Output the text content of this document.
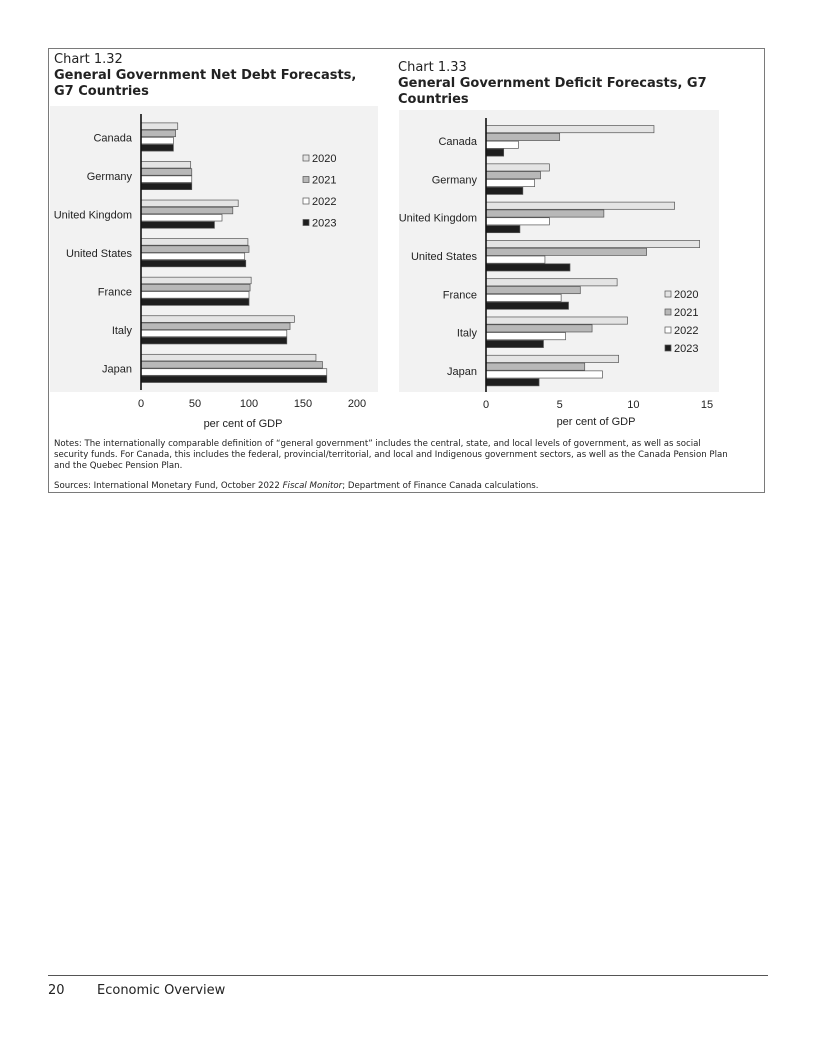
Chart 1.32
General Government Net Debt Forecasts, G7 Countries
Chart 1.33
General Government Deficit Forecasts, G7 Countries
Canada
Germany
United Kingdom
United States
France
Italy
Japan
0	50	100	150	200
per cent of GDP
2020
2021
2022
2023
Canada
Germany
United Kingdom
United States
France
Italy
Japan
0	5	10	15
per cent of GDP
2020
2021
2022
2023
Notes: The internationally comparable definition of “general government” includes the central, state, and local levels of government, as well as social security funds. For Canada, this includes the federal, provincial/territorial, and local and Indigenous government sectors, as well as the Canada Pension Plan and the Quebec Pension Plan.
Sources: International Monetary Fund, October 2022 Fiscal Monitor; Department of Finance Canada calculations.
20 Economic Overview
